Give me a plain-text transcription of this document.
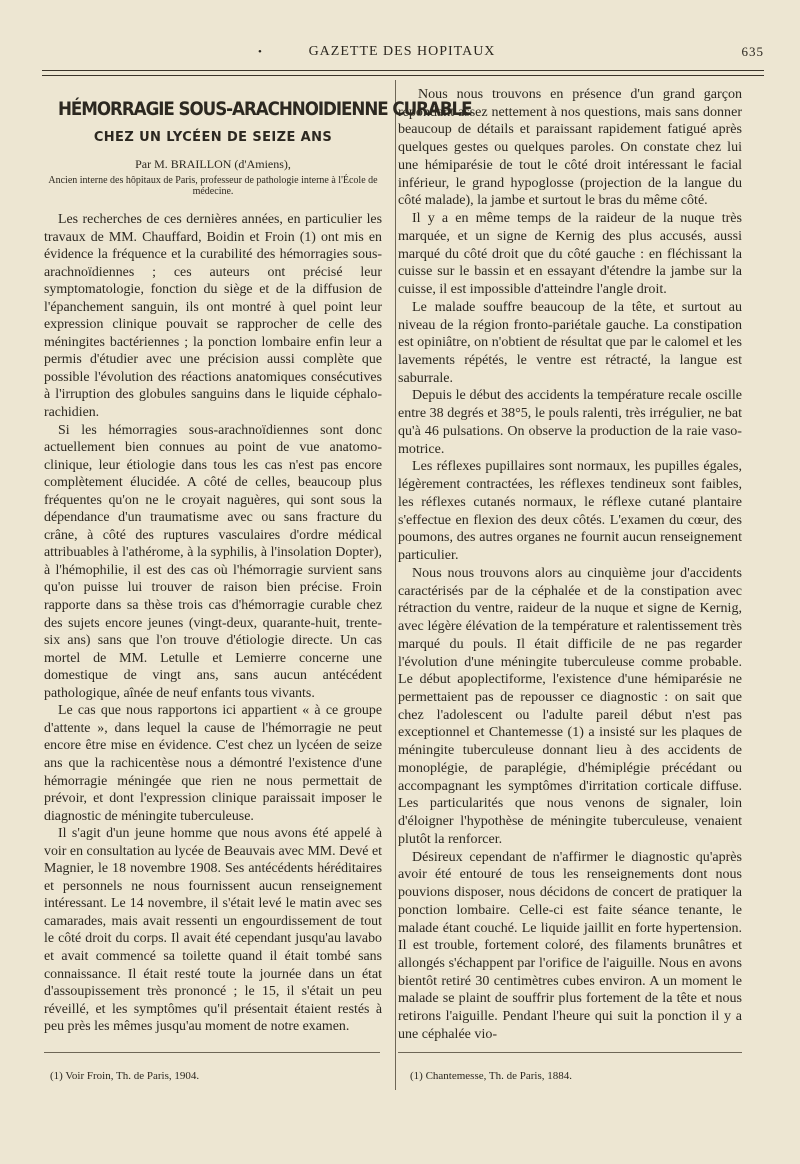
•	GAZETTE DES HOPITAUX	635
HÉMORRAGIE SOUS-ARACHNOIDIENNE CURABLE
CHEZ UN LYCÉEN DE SEIZE ANS
Par M. BRAILLON (d'Amiens),
Ancien interne des hôpitaux de Paris, professeur de pathologie interne à l'École de médecine.

Les recherches de ces dernières années, en particulier les travaux de MM. Chauffard, Boidin et Froin (1) ont mis en évidence la fréquence et la curabilité des hémorragies sous-arachnoïdiennes ; ces auteurs ont précisé leur symptomatologie, fonction du siège et de la diffusion de l'épanchement sanguin, ils ont montré à quel point leur expression clinique pouvait se rapprocher de celle des méningites bactériennes ; la ponction lombaire enfin leur a permis d'étudier avec une précision aussi complète que possible l'évolution des réactions anatomiques consécutives à l'irruption des globules sanguins dans le liquide céphalo-rachidien.

Si les hémorragies sous-arachnoïdiennes sont donc actuellement bien connues au point de vue anatomo-clinique, leur étiologie dans tous les cas n'est pas encore complètement élucidée. A côté de celles, beaucoup plus fréquentes qu'on ne le croyait naguères, qui sont sous la dépendance d'un traumatisme avec ou sans fracture du crâne, à côté des ruptures vasculaires d'ordre médical attribuables à l'athérome, à la syphilis, à l'insolation Dopter), à l'hémophilie, il est des cas où l'hémorragie survient sans qu'on puisse lui trouver de raison bien précise. Froin rapporte dans sa thèse trois cas d'hémorragie curable chez des sujets encore jeunes (vingt-deux, quarante-huit, trente-six ans) sans que l'on trouve d'étiologie directe. Un cas mortel de MM. Letulle et Lemierre concerne une domestique de vingt ans, sans aucun antécédent pathologique, aînée de neuf enfants tous vivants.

Le cas que nous rapportons ici appartient « à ce groupe d'attente », dans lequel la cause de l'hémorragie ne peut encore être mise en évidence. C'est chez un lycéen de seize ans que la rachicentèse nous a démontré l'existence d'une hémorragie méningée que rien ne nous permettait de prévoir, et dont l'expression clinique paraissait imposer le diagnostic de méningite tuberculeuse.

Il s'agit d'un jeune homme que nous avons été appelé à voir en consultation au lycée de Beauvais avec MM. Devé et Magnier, le 18 novembre 1908. Ses antécédents héréditaires et personnels ne nous fournissent aucun renseignement intéressant. Le 14 novembre, il s'était levé le matin avec ses camarades, mais avait ressenti un engourdissement de tout le côté droit du corps. Il avait été cependant jusqu'au lavabo et avait commencé sa toilette quand il était tombé sans connaissance. Il était resté toute la journée dans un état d'assoupissement très prononcé ; le 15, il s'était un peu réveillé, et les symptômes qu'il présentait étaient restés à peu près les mêmes jusqu'au moment de notre examen.

Nous nous trouvons en présence d'un grand garçon répondant assez nettement à nos questions, mais sans donner beaucoup de détails et paraissant rapidement fatigué après quelques gestes ou quelques paroles. On constate chez lui une hémiparésie de tout le côté droit intéressant le facial inférieur, le grand hypoglosse (projection de la langue du côté malade), la jambe et surtout le bras du même côté.

Il y a en même temps de la raideur de la nuque très marquée, et un signe de Kernig des plus accusés, aussi marqué du côté droit que du côté gauche : en fléchissant la cuisse sur le bassin et en essayant d'étendre la jambe sur la cuisse, il est impossible d'atteindre l'angle droit.

Le malade souffre beaucoup de la tête, et surtout au niveau de la région fronto-pariétale gauche. La constipation est opiniâtre, on n'obtient de résultat que par le calomel et les lavements répétés, le ventre est rétracté, la langue est saburrale.

Depuis le début des accidents la température recale oscille entre 38 degrés et 38°5, le pouls ralenti, très irrégulier, ne bat qu'à 46 pulsations. On observe la production de la raie vaso-motrice.

Les réflexes pupillaires sont normaux, les pupilles égales, légèrement contractées, les réflexes tendineux sont faibles, les réflexes cutanés normaux, le réflexe cutané plantaire s'effectue en flexion des deux côtés. L'examen du cœur, des poumons, des autres organes ne fournit aucun renseignement particulier.

Nous nous trouvons alors au cinquième jour d'accidents caractérisés par de la céphalée et de la constipation avec rétraction du ventre, raideur de la nuque et signe de Kernig, avec légère élévation de la température et ralentissement très marqué du pouls. Il était difficile de ne pas regarder l'évolution d'une méningite tuberculeuse comme probable. Le début apoplectiforme, l'existence d'une hémiparésie ne permettaient pas de repousser ce diagnostic : on sait que chez l'adolescent ou l'adulte pareil début n'est pas exceptionnel et Chantemesse (1) a insisté sur les plaques de méningite tuberculeuse donnant lieu à des accidents de monoplégie, de paraplégie, d'hémiplégie précédant ou accompagnant les symptômes d'irritation corticale diffuse. Les particularités que nous venons de signaler, loin d'éloigner l'hypothèse de méningite tuberculeuse, venaient plutôt la renforcer.

Désireux cependant de n'affirmer le diagnostic qu'après avoir été entouré de tous les renseignements dont nous pouvions disposer, nous décidons de concert de pratiquer la ponction lombaire. Celle-ci est faite séance tenante, le malade étant couché. Le liquide jaillit en forte hypertension. Il est trouble, fortement coloré, des filaments brunâtres et allongés s'échappent par l'orifice de l'aiguille. Nous en avons bientôt retiré 30 centimètres cubes environ. A un moment le malade se plaint de souffrir plus fortement de la tête et nous retirons l'aiguille. Pendant l'heure qui suit la ponction il y a une céphalée vio-

(1) Voir Froin, Th. de Paris, 1904.	(1) Chantemesse, Th. de Paris, 1884.
